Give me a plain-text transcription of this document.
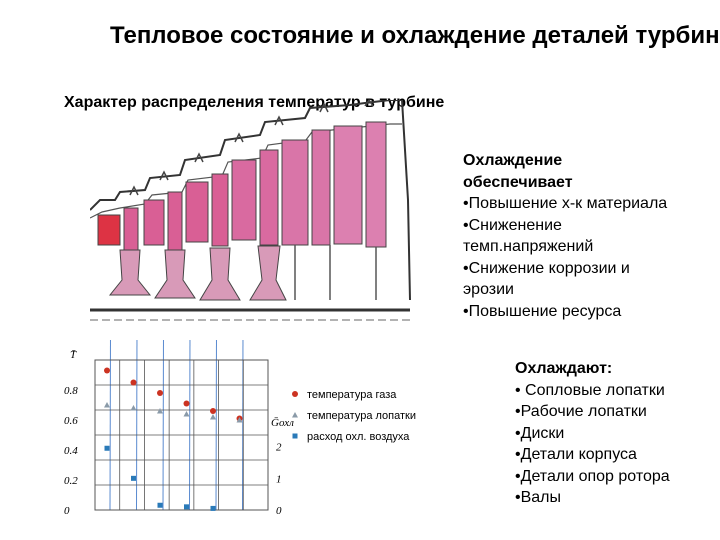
Тепловое состояние и охлаждение деталей турбин
Характер распределения температур в турбине
0
0.2
0.4
0.6
0.8
0
1
2
T̄
Ḡохл
температура газа
температура лопатки
расход охл. воздуха
Охлаждение
обеспечивает
•Повышение х-к материала
•Сниженение
темп.напряжений
•Снижение коррозии и
эрозии
•Повышение ресурса
Охлаждают:
• Сопловые лопатки
•Рабочие лопатки
•Диски
•Детали корпуса
•Детали опор ротора
•Валы
